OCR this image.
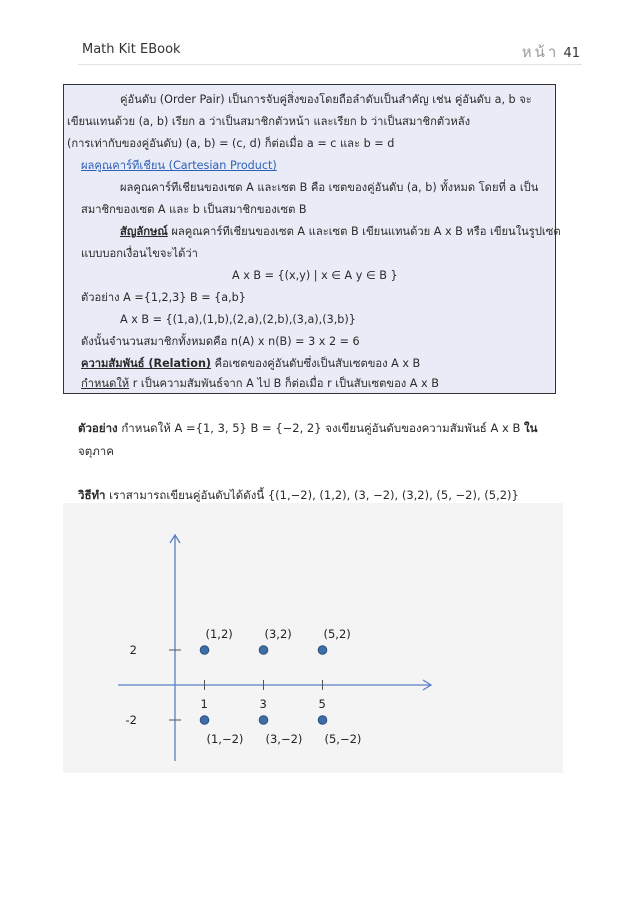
Math Kit EBook	หน้า 41
คู่อันดับ (Order Pair) เป็นการจับคู่สิ่งของโดยถือลำดับเป็นสำคัญ เช่น คู่อันดับ a, b จะ
เขียนแทนด้วย (a, b) เรียก a ว่าเป็นสมาชิกตัวหน้า และเรียก b ว่าเป็นสมาชิกตัวหลัง
(การเท่ากับของคู่อันดับ) (a, b) = (c, d) ก็ต่อเมื่อ a = c และ b = d
ผลคูณคาร์ทีเชียน (Cartesian Product)
ผลคูณคาร์ทีเชียนของเซต A และเซต B คือ เซตของคู่อันดับ (a, b) ทั้งหมด โดยที่ a เป็น
สมาชิกของเซต A และ b เป็นสมาชิกของเซต B
สัญลักษณ์ ผลคูณคาร์ทีเชียนของเซต A และเซต B เขียนแทนด้วย A x B หรือ เขียนในรูปเซต
แบบบอกเงื่อนไขจะได้ว่า
A x B = {(x,y) | x ∈ A y ∈ B }
ตัวอย่าง A ={1,2,3} B = {a,b}
A x B = {(1,a),(1,b),(2,a),(2,b),(3,a),(3,b)}
ดังนั้นจำนวนสมาชิกทั้งหมดคือ n(A) x n(B) = 3 x 2 = 6
ความสัมพันธ์ (Relation) คือเซตของคู่อันดับซึ่งเป็นสับเซตของ A x B
กำหนดให้ r เป็นความสัมพันธ์จาก A ไป B ก็ต่อเมื่อ r เป็นสับเซตของ A x B
ตัวอย่าง กำหนดให้ A ={1, 3, 5} B = {−2, 2} จงเขียนคู่อันดับของความสัมพันธ์ A x B ใน
จตุภาค
วิธีทำ เราสามารถเขียนคู่อันดับได้ดังนี้ {(1,−2), (1,2), (3, −2), (3,2), (5, −2), (5,2)}
1	3	5
2
-2
(1,2)	(3,2)	(5,2)
(1,−2) (3,−2) (5,−2)
